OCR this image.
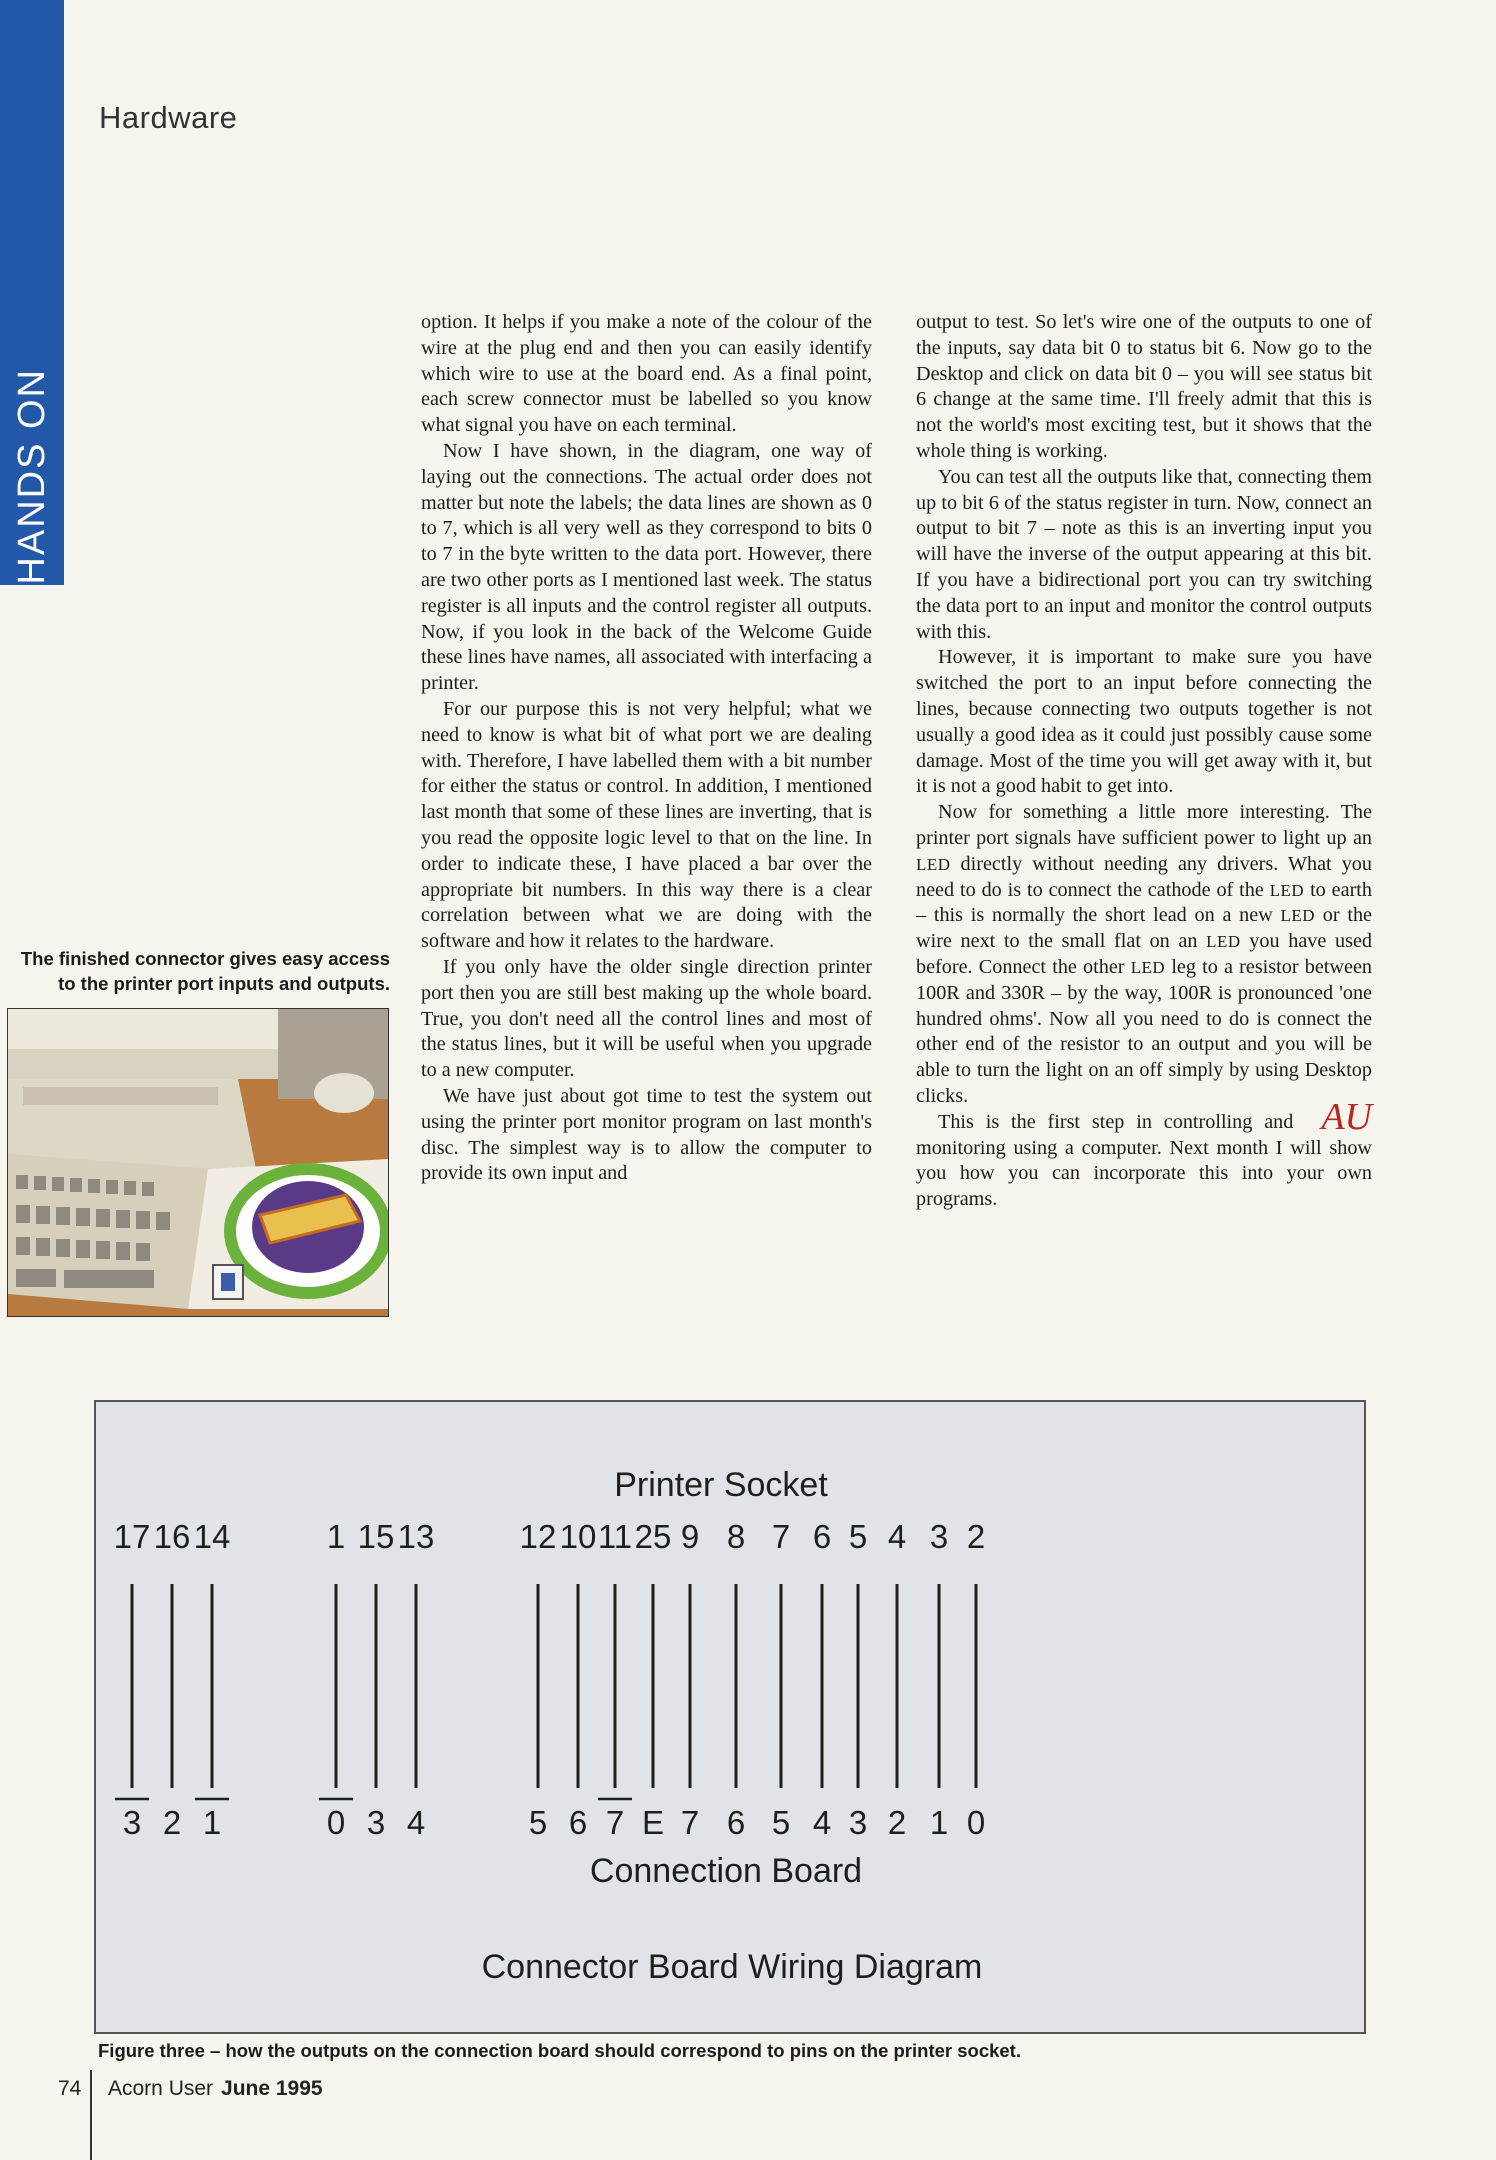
HANDS ON
Hardware
The finished connector gives easy access to the printer port inputs and outputs.

option. It helps if you make a note of the colour of the wire at the plug end and then you can easily identify which wire to use at the board end. As a final point, each screw connector must be labelled so you know what signal you have on each terminal.

Now I have shown, in the diagram, one way of laying out the connections. The actual order does not matter but note the labels; the data lines are shown as 0 to 7, which is all very well as they correspond to bits 0 to 7 in the byte written to the data port. However, there are two other ports as I mentioned last week. The status register is all inputs and the control register all outputs. Now, if you look in the back of the Welcome Guide these lines have names, all associated with interfacing a printer.

For our purpose this is not very helpful; what we need to know is what bit of what port we are dealing with. Therefore, I have labelled them with a bit number for either the status or control. In addition, I mentioned last month that some of these lines are inverting, that is you read the opposite logic level to that on the line. In order to indicate these, I have placed a bar over the appropriate bit numbers. In this way there is a clear correlation between what we are doing with the software and how it relates to the hardware.

If you only have the older single direction printer port then you are still best making up the whole board. True, you don't need all the control lines and most of the status lines, but it will be useful when you upgrade to a new computer.

We have just about got time to test the system out using the printer port monitor program on last month's disc. The simplest way is to allow the computer to provide its own input and

output to test. So let's wire one of the outputs to one of the inputs, say data bit 0 to status bit 6. Now go to the Desktop and click on data bit 0 – you will see status bit 6 change at the same time. I'll freely admit that this is not the world's most exciting test, but it shows that the whole thing is working.

You can test all the outputs like that, connecting them up to bit 6 of the status register in turn. Now, connect an output to bit 7 – note as this is an inverting input you will have the inverse of the output appearing at this bit. If you have a bidirectional port you can try switching the data port to an input and monitor the control outputs with this.

However, it is important to make sure you have switched the port to an input before connecting the lines, because connecting two outputs together is not usually a good idea as it could just possibly cause some damage. Most of the time you will get away with it, but it is not a good habit to get into.

Now for something a little more interesting. The printer port signals have sufficient power to light up an LED directly without needing any drivers. What you need to do is to connect the cathode of the LED to earth – this is normally the short lead on a new LED or the wire next to the small flat on an LED you have used before. Connect the other LED leg to a resistor between 100R and 330R – by the way, 100R is pronounced 'one hundred ohms'. Now all you need to do is connect the other end of the resistor to an output and you will be able to turn the light on an off simply by using Desktop clicks.	AU
This is the first step in controlling and monitoring using a computer. Next month I will show you how you can incorporate this into your own programs.

Printer Socket
Connection Board
Connector Board Wiring Diagram
17
3
16
2
14
1
1
0
15
3
13
4
12
5
10
6
11
7
25
E
9
7
8
6
7
5
6
4
5
3
4
2
3
1
2
0
Figure three – how the outputs on the connection board should correspond to pins on the printer socket.
74 Acorn User June 1995
